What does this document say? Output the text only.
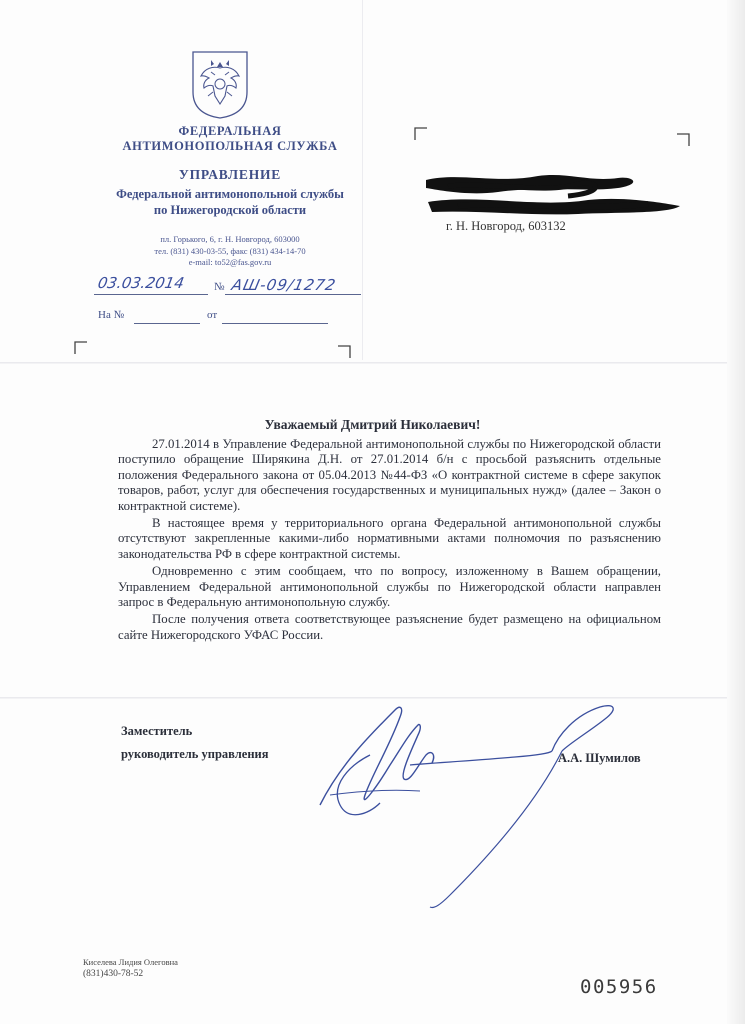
ФЕДЕРАЛЬНАЯ
АНТИМОНОПОЛЬНАЯ СЛУЖБА
УПРАВЛЕНИЕ
Федеральной антимонопольной службы
по Нижегородской области
пл. Горького, 6, г. Н. Новгород, 603000
тел. (831) 430-03-55, факс (831) 434-14-70
e-mail: to52@fas.gov.ru
03.03.2014	№ АШ-09/1272
На №	от
г. Н. Новгород, 603132
Уважаемый Дмитрий Николаевич!

27.01.2014 в Управление Федеральной антимонопольной службы по Нижегородской области поступило обращение Ширякина Д.Н. от 27.01.2014 б/н с просьбой разъяснить отдельные положения Федерального закона от 05.04.2013 №44-ФЗ «О контрактной системе в сфере закупок товаров, работ, услуг для обеспечения государственных и муниципальных нужд» (далее – Закон о контрактной системе).

В настоящее время у территориального органа Федеральной антимонопольной службы отсутствуют закрепленные какими-либо нормативными актами полномочия по разъяснению законодательства РФ в сфере контрактной системы.

Одновременно с этим сообщаем, что по вопросу, изложенному в Вашем обращении, Управлением Федеральной антимонопольной службы по Нижегородской области направлен запрос в Федеральную антимонопольную службу.

После получения ответа соответствующее разъяснение будет размещено на официальном сайте Нижегородского УФАС России.

Заместитель
руководитель управления	А.А. Шумилов
Киселева Лидия Олеговна
(831)430-78-52
005956
